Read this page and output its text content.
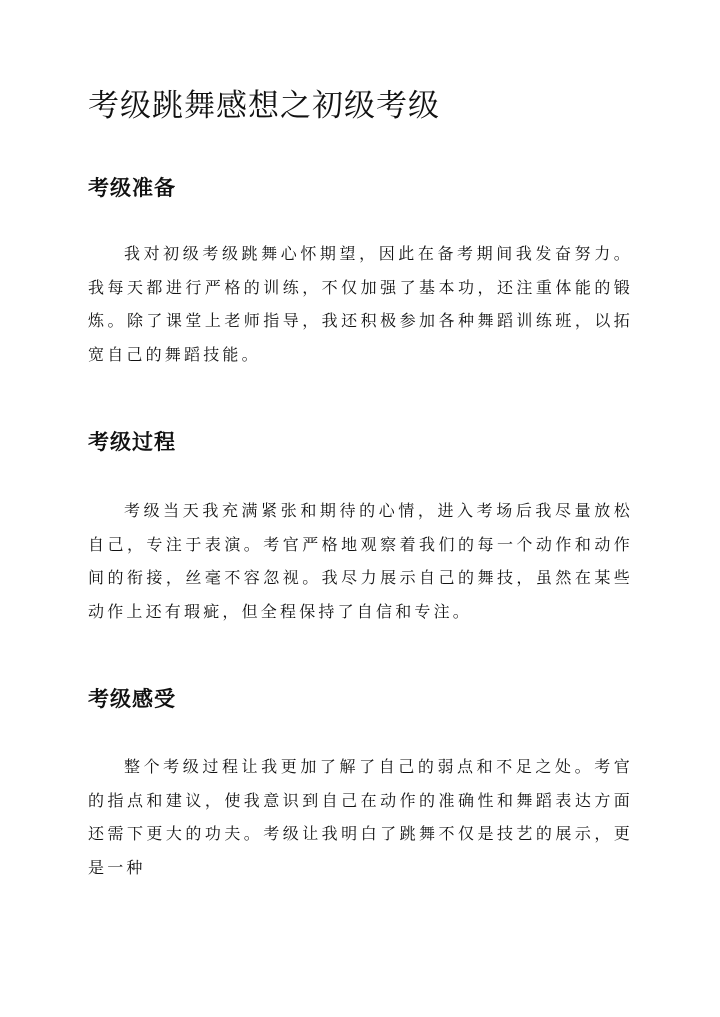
考级跳舞感想之初级考级
考级准备

我对初级考级跳舞心怀期望，因此在备考期间我发奋努力。我每天都进行严格的训练，不仅加强了基本功，还注重体能的锻炼。除了课堂上老师指导，我还积极参加各种舞蹈训练班，以拓宽自己的舞蹈技能。

考级过程

考级当天我充满紧张和期待的心情，进入考场后我尽量放松自己，专注于表演。考官严格地观察着我们的每一个动作和动作间的衔接，丝毫不容忽视。我尽力展示自己的舞技，虽然在某些动作上还有瑕疵，但全程保持了自信和专注。

考级感受

整个考级过程让我更加了解了自己的弱点和不足之处。考官的指点和建议，使我意识到自己在动作的准确性和舞蹈表达方面还需下更大的功夫。考级让我明白了跳舞不仅是技艺的展示，更是一种
